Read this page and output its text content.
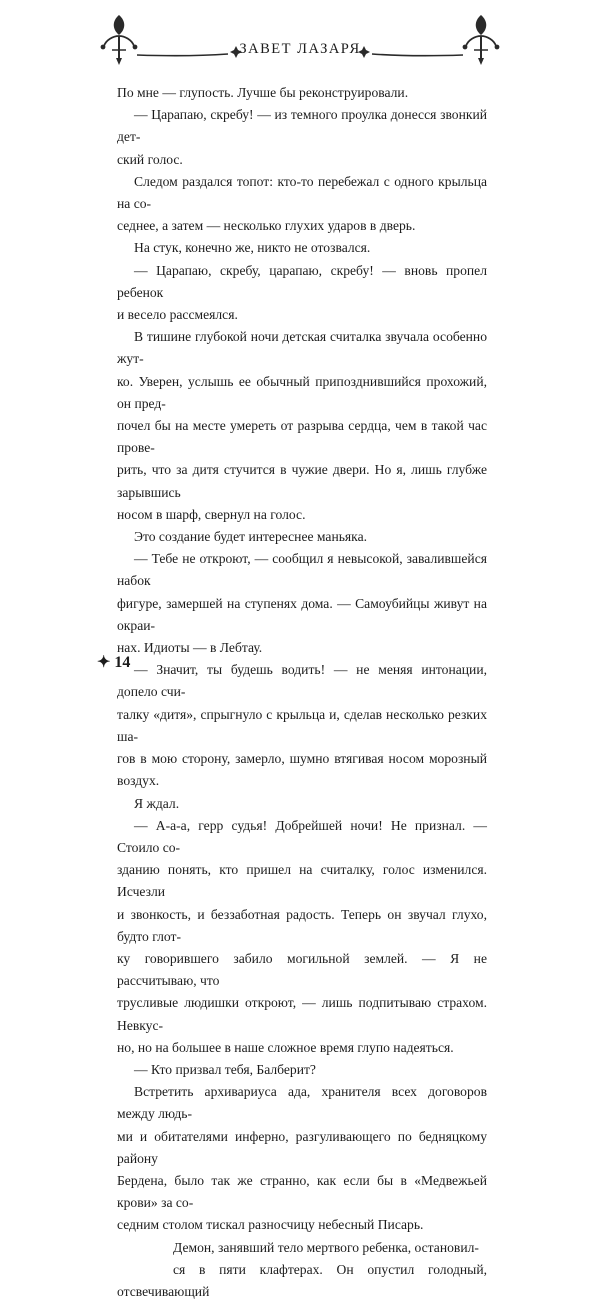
ЗАВЕТ ЛАЗАРЯ

По мне — глупость. Лучше бы реконструировали.

— Царапаю, скребу! — из темного проулка донесся звонкий дет-

ский голос.

Следом раздался топот: кто-то перебежал с одного крыльца на со-

седнее, а затем — несколько глухих ударов в дверь.

На стук, конечно же, никто не отозвался.

— Царапаю, скребу, царапаю, скребу! — вновь пропел ребенок

и весело рассмеялся.

В тишине глубокой ночи детская считалка звучала особенно жут-

ко. Уверен, услышь ее обычный припозднившийся прохожий, он пред-

почел бы на месте умереть от разрыва сердца, чем в такой час прове-

рить, что за дитя стучится в чужие двери. Но я, лишь глубже зарывшись

носом в шарф, свернул на голос.

Это создание будет интереснее маньяка.

— Тебе не откроют, — сообщил я невысокой, завалившейся набок

фигуре, замершей на ступенях дома. — Самоубийцы живут на окраи-

нах. Идиоты — в Лебтау.

— Значит, ты будешь водить! — не меняя интонации, допело счи-

талку «дитя», спрыгнуло с крыльца и, сделав несколько резких ша-

гов в мою сторону, замерло, шумно втягивая носом морозный воздух.

Я ждал.

— А-а-а, герр судья! Добрейшей ночи! Не признал. — Стоило со-

зданию понять, кто пришел на считалку, голос изменился. Исчезли

и звонкость, и беззаботная радость. Теперь он звучал глухо, будто глот-

ку говорившего забило могильной землей. — Я не рассчитываю, что

трусливые людишки откроют, — лишь подпитываю страхом. Невкус-

но, но на большее в наше сложное время глупо надеяться.

— Кто призвал тебя, Балберит?

Встретить архивариуса ада, хранителя всех договоров между людь-

ми и обитателями инферно, разгуливающего по бедняцкому району

Бердена, было так же странно, как если бы в «Медвежьей крови» за со-

седним столом тискал разносчицу небесный Писарь.

Демон, занявший тело мертвого ребенка, остановил-

ся в пяти клафтерах. Он опустил голодный, отсвечивающий

✦ 14
